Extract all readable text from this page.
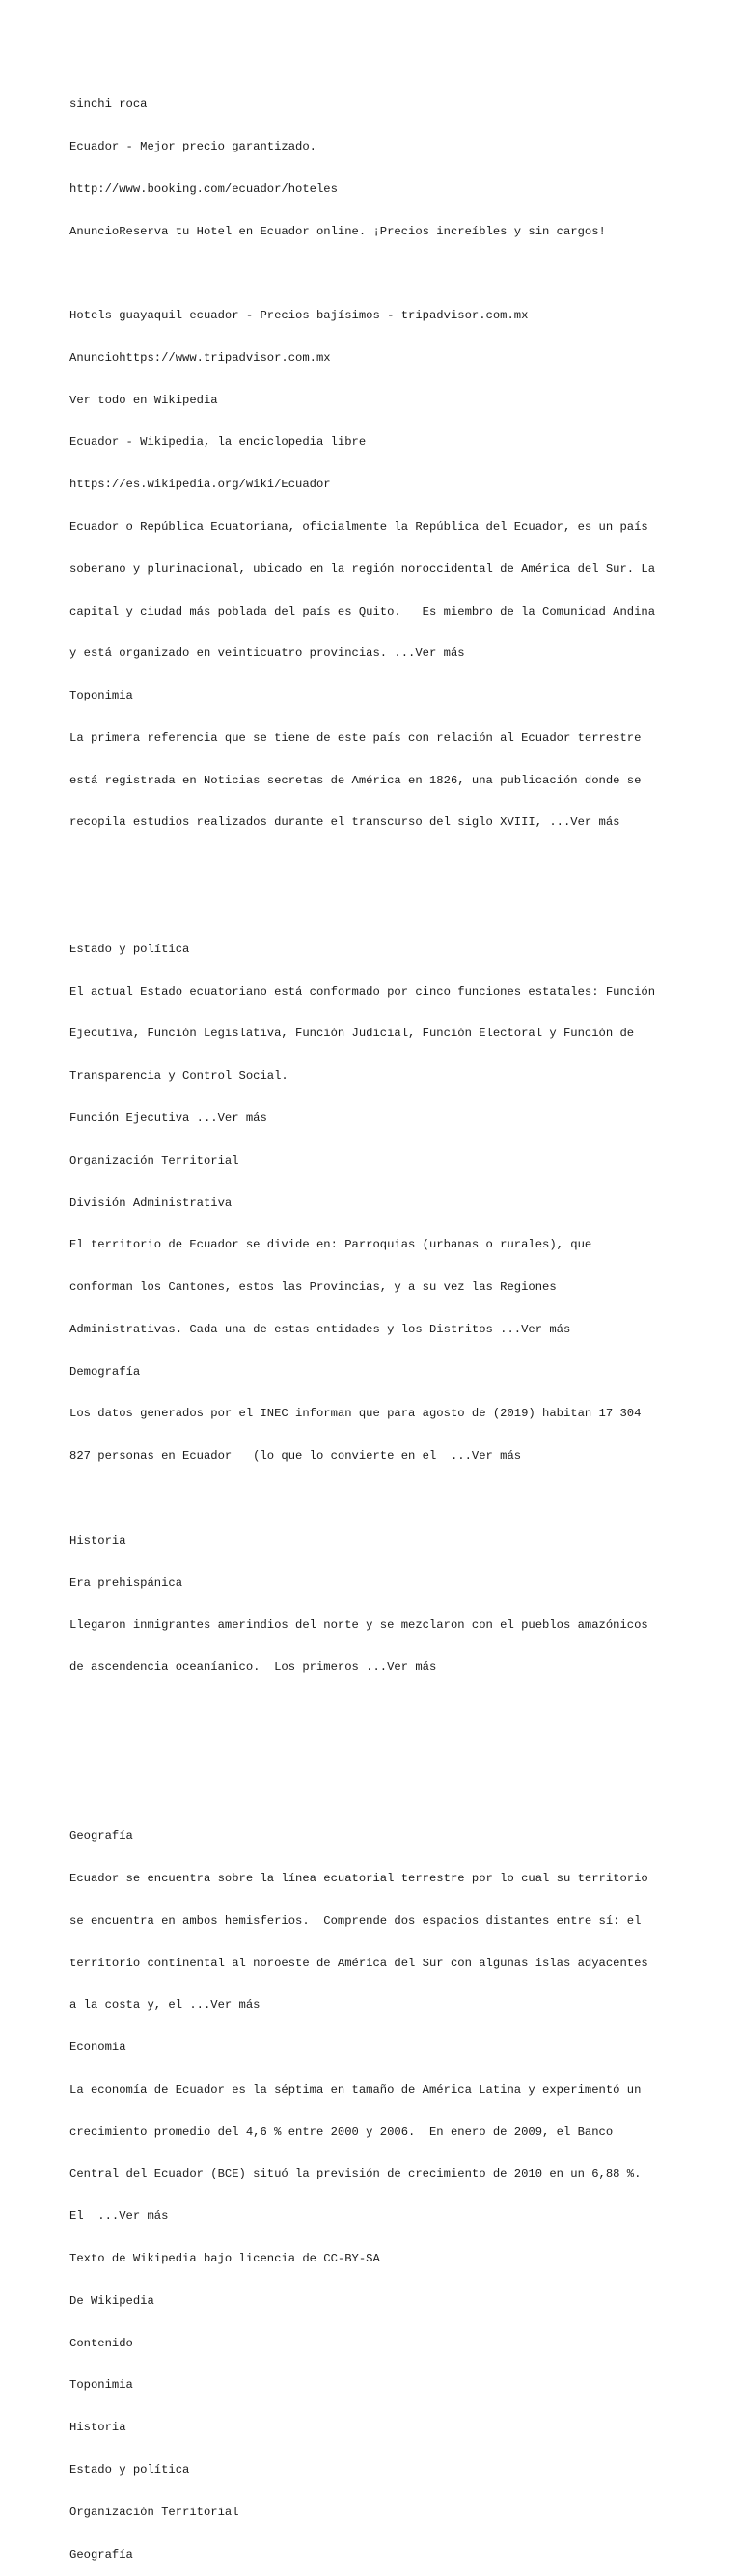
sinchi roca

Ecuador - Mejor precio garantizado.

http://www.booking.com/ecuador/hoteles

AnuncioReserva tu Hotel en Ecuador online. ¡Precios increíbles y sin cargos!

Hotels guayaquil ecuador - Precios bajísimos - tripadvisor.com.mx

Anunciohttps://www.tripadvisor.com.mx

Ver todo en Wikipedia

Ecuador - Wikipedia, la enciclopedia libre

https://es.wikipedia.org/wiki/Ecuador

Ecuador o República Ecuatoriana, oficialmente la República del Ecuador, es un país

soberano y plurinacional, ubicado en la región noroccidental de América del Sur. La

capital y ciudad más poblada del país es Quito.   Es miembro de la Comunidad Andina

y está organizado en veinticuatro provincias. ...Ver más

Toponimia

La primera referencia que se tiene de este país con relación al Ecuador terrestre

está registrada en Noticias secretas de América en 1826, una publicación donde se

recopila estudios realizados durante el transcurso del siglo XVIII, ...Ver más

Estado y política

El actual Estado ecuatoriano está conformado por cinco funciones estatales: Función

Ejecutiva, Función Legislativa, Función Judicial, Función Electoral y Función de

Transparencia y Control Social.

Función Ejecutiva ...Ver más

Organización Territorial

División Administrativa

El territorio de Ecuador se divide en: Parroquias (urbanas o rurales), que

conforman los Cantones, estos las Provincias, y a su vez las Regiones

Administrativas. Cada una de estas entidades y los Distritos ...Ver más

Demografía

Los datos generados por el INEC informan que para agosto de (2019) habitan 17 304

827 personas en Ecuador   (lo que lo convierte en el  ...Ver más

Historia

Era prehispánica

Llegaron inmigrantes amerindios del norte y se mezclaron con el pueblos amazónicos

de ascendencia oceaníanico.  Los primeros ...Ver más

Geografía

Ecuador se encuentra sobre la línea ecuatorial terrestre por lo cual su territorio

se encuentra en ambos hemisferios.  Comprende dos espacios distantes entre sí: el

territorio continental al noroeste de América del Sur con algunas islas adyacentes

a la costa y, el ...Ver más

Economía

La economía de Ecuador es la séptima en tamaño de América Latina y experimentó un

crecimiento promedio del 4,6 % entre 2000 y 2006.  En enero de 2009, el Banco

Central del Ecuador (BCE) situó la previsión de crecimiento de 2010 en un 6,88 %.

El  ...Ver más

Texto de Wikipedia bajo licencia de CC-BY-SA

De Wikipedia

Contenido

Toponimia

Historia

Estado y política

Organización Territorial

Geografía
